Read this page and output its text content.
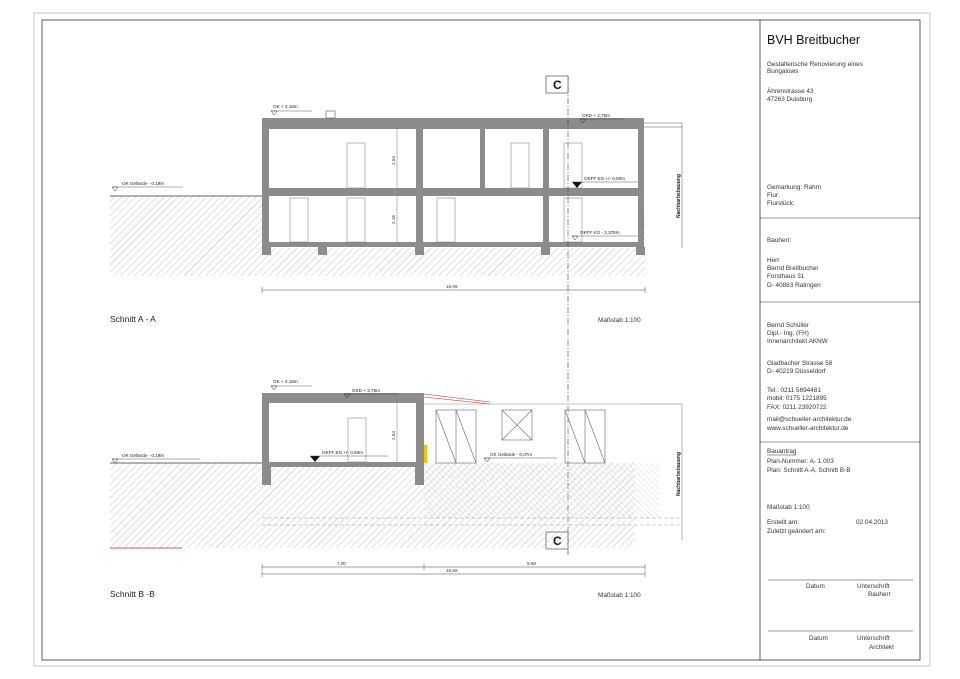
Nachbarbebauung
2,54
2,16
OK + 3,18m
OKD + 2,78m
OK Gelände - 0,19m
OKFF EG +/- 0,00m
OKFF KG - 2,375m
16,69
Schnitt A - A	Maßstab 1:100
C
Nachbarbebauung
2,54
OK + 3,18m
OKD + 2,76m
OK Gelände - 0,19m
OKFF EG +/- 0,00m	OK Gelände - 0,07m
7,00	9,69
16,69
Schnitt B -B	Maßstab 1:100
BVH Breitbucher
Gestalterische Renovierung eines
Bungalows
Ährenstrasse 43
47263 Duisburg
Gemarkung: Rahm
Flur:
Flurstück:
Bauherr:
Herr
Bernd Breitbucher
Forsthaus 31
D- 40883 Ratingen
Bernd Schüller
Dipl.- Ing. (FH)
Innenarchitekt AKNW
Gladbacher Strasse 58
D- 40219 Düsseldorf
Tel.: 0211 5694481
mobil: 0175 1221895
FAX: 0211 23920722
mail@schueller-architektur.de
www.schueller-architektur.de
Bauantrag
Plan-Nummer: A- 1.003
Plan: Schnitt A-A, Schnitt B-B
Maßstab 1:100
Erstellt am:	02.04.2013
Zuletzt geändert am:
Datum	Unterschrift
Bauherr
Datum	Unterschrift
Architekt
